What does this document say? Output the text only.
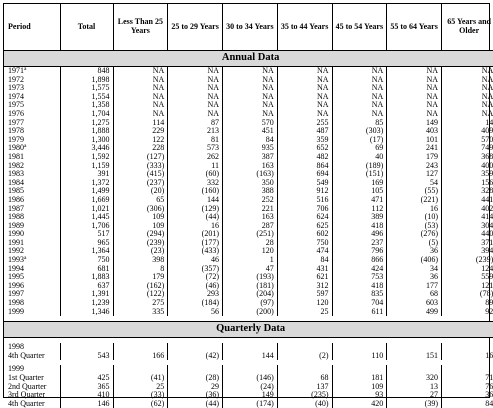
Period	Total	Less Than 25 Years	25 to 29 Years	30 to 34 Years	35 to 44 Years	45 to 54 Years	55 to 64 Years	65 Years and Older
Annual Data								
1971$^a$	848	NA	NA	NA	NA	NA	NA	NA
1972	1,898	NA	NA	NA	NA	NA	NA	NA
1973	1,575	NA	NA	NA	NA	NA	NA	NA
1974	1,554	NA	NA	NA	NA	NA	NA	NA
1975	1,358	NA	NA	NA	NA	NA	NA	NA
1976	1,704	NA	NA	NA	NA	NA	NA	NA
1977	1,275	114	87	570	255	85	149	14
1978	1,888	229	213	451	487	(303)	403	409
1979	1,300	122	81	84	359	(17)	101	570
1980$^a$	3,446	228	573	935	652	69	241	749
1981	1,592	(127)	262	387	482	40	179	368
1982	1,159	(333)	11	163	864	(189)	243	400
1983	391	(415)	(60)	(163)	694	(151)	127	359
1984	1,372	(237)	332	350	549	169	54	156
1985	1,499	(20)	(160)	388	912	105	(55)	328
1986	1,669	65	144	252	516	471	(221)	441
1987	1,021	(306)	(129)	221	706	112	16	402
1988	1,445	109	(44)	163	624	389	(10)	414
1989	1,706	109	16	287	625	418	(53)	304
1990	517	(294)	(201)	(251)	602	496	(276)	440
1991	965	(239)	(177)	28	750	237	(5)	371
1992	1,364	(23)	(433)	120	474	796	36	394
1993$^a$	750	398	46	1	84	866	(406)	(239)
1994	681	8	(357)	47	431	424	34	124
1995	1,883	179	(72)	(193)	621	753	36	559
1996	637	(162)	(46)	(181)	312	418	177	121
1997	1,391	(122)	293	(204)	597	835	68	(78)
1998	1,239	275	(184)	(97)	120	704	603	89
1999	1,346	335	56	(200)	25	611	499	92

Quarterly Data								

1998								
4th Quarter	543	166	(42)	144	(2)	110	151	16

1999								
1st Quarter	425	(41)	(28)	(146)	68	181	320	71
2nd Quarter	365	25	29	(24)	137	109	13	76
3rd Quarter	410	(33)	(36)	149	(235)	93	27	36
4th Quarter	146	(62)	(44)	(174)	(40)	420	(39)	84
